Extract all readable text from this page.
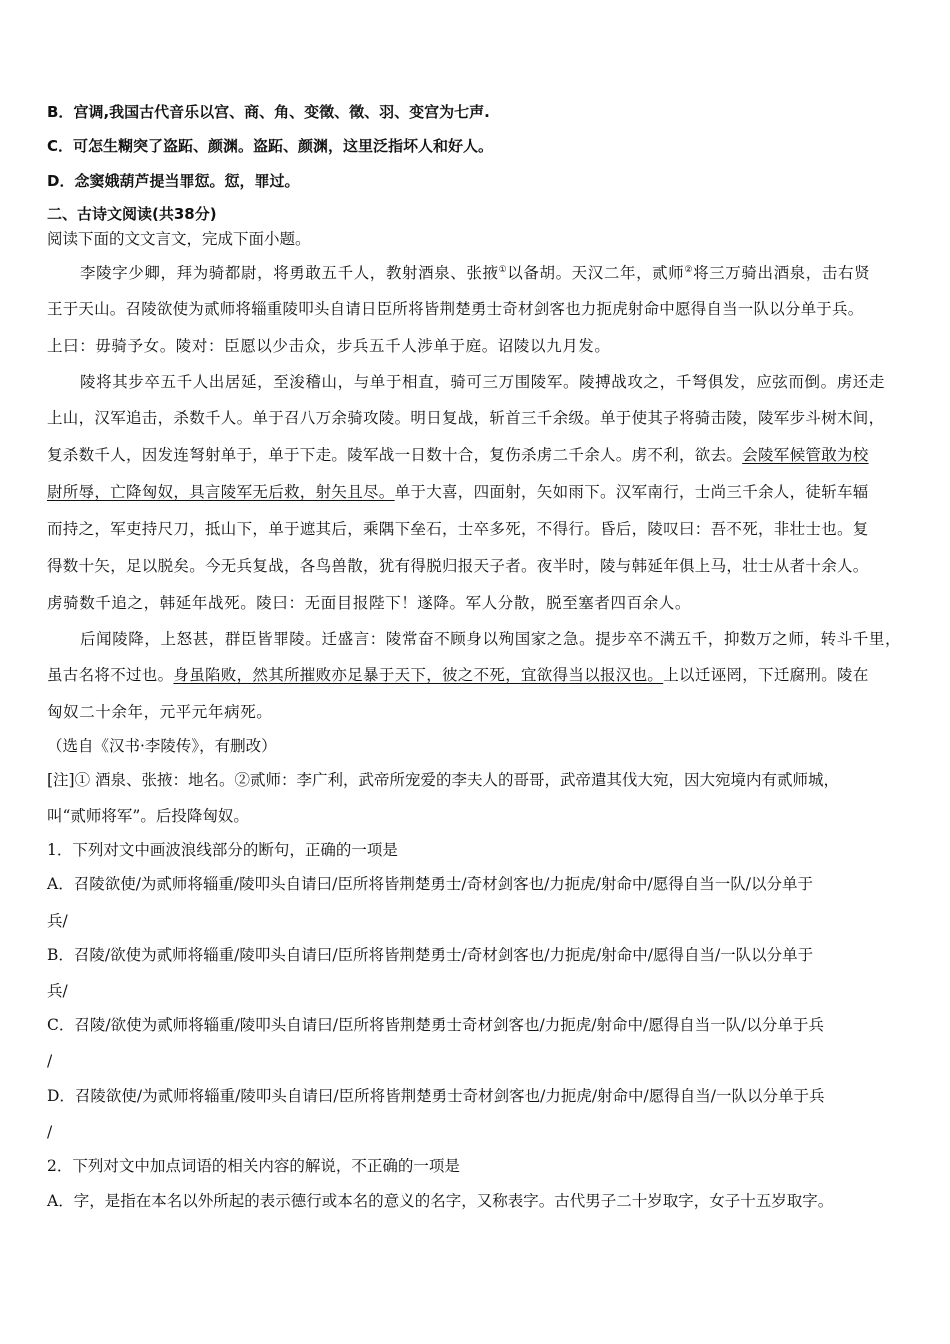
B．宫调,我国古代音乐以宫、商、角、变徵、徵、羽、变宫为七声.
C．可怎生糊突了盗跖、颜渊。盗跖、颜渊，这里泛指坏人和好人。
D．念窦娥葫芦提当罪愆。愆，罪过。
二、古诗文阅读(共38分)
阅读下面的文文言文，完成下面小题。
李陵字少卿，拜为骑都尉，将勇敢五千人，教射酒泉、张掖①以备胡。天汉二年，贰师②将三万骑出酒泉，击右贤
王于天山。召陵欲使为贰师将辎重陵叩头自请日臣所将皆荆楚勇士奇材剑客也力扼虎射命中愿得自当一队以分单于兵。
上曰：毋骑予女。陵对：臣愿以少击众，步兵五千人涉单于庭。诏陵以九月发。
陵将其步卒五千人出居延，至浚稽山，与单于相直，骑可三万围陵军。陵搏战攻之，千弩俱发，应弦而倒。虏还走
上山，汉军追击，杀数千人。单于召八万余骑攻陵。明日复战，斩首三千余级。单于使其子将骑击陵，陵军步斗树木间，
复杀数千人，因发连弩射单于，单于下走。陵军战一日数十合，复伤杀虏二千余人。虏不利，欲去。会陵军候管敢为校
尉所辱，亡降匈奴，具言陵军无后救，射矢且尽。单于大喜，四面射，矢如雨下。汉军南行，士尚三千余人，徒斩车辐
而持之，军吏持尺刀，抵山下，单于遮其后，乘隅下垒石，士卒多死，不得行。昏后，陵叹曰：吾不死，非壮士也。复
得数十矢，足以脱矣。今无兵复战，各鸟兽散，犹有得脱归报天子者。夜半时，陵与韩延年俱上马，壮士从者十余人。
虏骑数千追之，韩延年战死。陵曰：无面目报陛下！遂降。军人分散，脱至塞者四百余人。
后闻陵降，上怒甚，群臣皆罪陵。迁盛言：陵常奋不顾身以殉国家之急。提步卒不满五千，抑数万之师，转斗千里，
虽古名将不过也。身虽陷败，然其所摧败亦足暴于天下，彼之不死，宜欲得当以报汉也。上以迁诬罔，下迁腐刑。陵在
匈奴二十余年，元平元年病死。
（选自《汉书·李陵传》，有删改）
[注]① 酒泉、张掖：地名。②贰师：李广利，武帝所宠爱的李夫人的哥哥，武帝遣其伐大宛，因大宛境内有贰师城，
叫“贰师将军”。后投降匈奴。
1．下列对文中画波浪线部分的断句，正确的一项是
A．召陵欲使/为贰师将辎重/陵叩头自请曰/臣所将皆荆楚勇士/奇材剑客也/力扼虎/射命中/愿得自当一队/以分单于
兵/
B．召陵/欲使为贰师将辎重/陵叩头自请曰/臣所将皆荆楚勇士/奇材剑客也/力扼虎/射命中/愿得自当/一队以分单于
兵/
C．召陵/欲使为贰师将辎重/陵叩头自请曰/臣所将皆荆楚勇士奇材剑客也/力扼虎/射命中/愿得自当一队/以分单于兵
/
D．召陵欲使/为贰师将辎重/陵叩头自请曰/臣所将皆荆楚勇士奇材剑客也/力扼虎/射命中/愿得自当/一队以分单于兵
/
2．下列对文中加点词语的相关内容的解说，不正确的一项是
A．字，是指在本名以外所起的表示德行或本名的意义的名字，又称表字。古代男子二十岁取字，女子十五岁取字。
